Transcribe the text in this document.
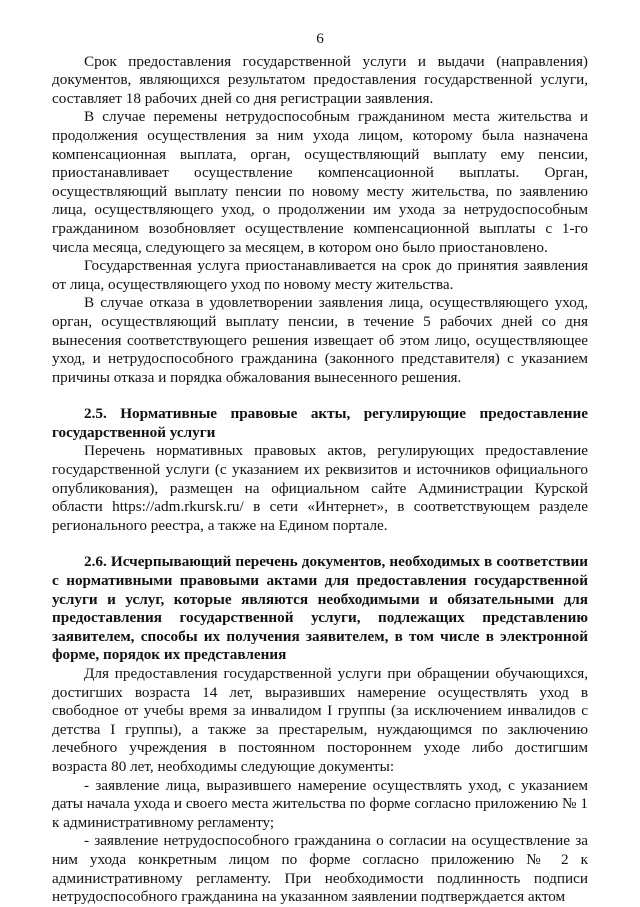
6

Срок предоставления государственной услуги и выдачи (направления) документов, являющихся результатом предоставления государственной услуги, составляет 18 рабочих дней со дня регистрации заявления.

В случае перемены нетрудоспособным гражданином места жительства и продолжения осуществления за ним ухода лицом, которому была назначена компенсационная выплата, орган, осуществляющий выплату ему пенсии, приостанавливает осуществление компенсационной выплаты. Орган, осуществляющий выплату пенсии по новому месту жительства, по заявлению лица, осуществляющего уход, о продолжении им ухода за нетрудоспособным гражданином возобновляет осуществление компенсационной выплаты с 1-го числа месяца, следующего за месяцем, в котором оно было приостановлено.

Государственная услуга приостанавливается на срок до принятия заявления от лица, осуществляющего уход по новому месту жительства.

В случае отказа в удовлетворении заявления лица, осуществляющего уход, орган, осуществляющий выплату пенсии, в течение 5 рабочих дней со дня вынесения соответствующего решения извещает об этом лицо, осуществляющее уход, и нетрудоспособного гражданина (законного представителя) с указанием причины отказа и порядка обжалования вынесенного решения.

2.5. Нормативные правовые акты, регулирующие предоставление государственной услуги

Перечень нормативных правовых актов, регулирующих предоставление государственной услуги (с указанием их реквизитов и источников официального опубликования), размещен на официальном сайте Администрации Курской области https://adm.rkursk.ru/ в сети «Интернет», в соответствующем разделе регионального реестра, а также на Едином портале.

2.6. Исчерпывающий перечень документов, необходимых в соответствии с нормативными правовыми актами для предоставления государственной услуги и услуг, которые являются необходимыми и обязательными для предоставления государственной услуги, подлежащих представлению заявителем, способы их получения заявителем, в том числе в электронной форме, порядок их представления

Для предоставления государственной услуги при обращении обучающихся, достигших возраста 14 лет, выразивших намерение осуществлять уход в свободное от учебы время за инвалидом I группы (за исключением инвалидов с детства I группы), а также за престарелым, нуждающимся по заключению лечебного учреждения в постоянном постороннем уходе либо достигшим возраста 80 лет, необходимы следующие документы:

- заявление лица, выразившего намерение осуществлять уход, с указанием даты начала ухода и своего места жительства по форме согласно приложению № 1 к административному регламенту;

- заявление нетрудоспособного гражданина о согласии на осуществление за ним ухода конкретным лицом по форме согласно приложению № 2 к административному регламенту. При необходимости подлинность подписи нетрудоспособного гражданина на указанном заявлении подтверждается актом
